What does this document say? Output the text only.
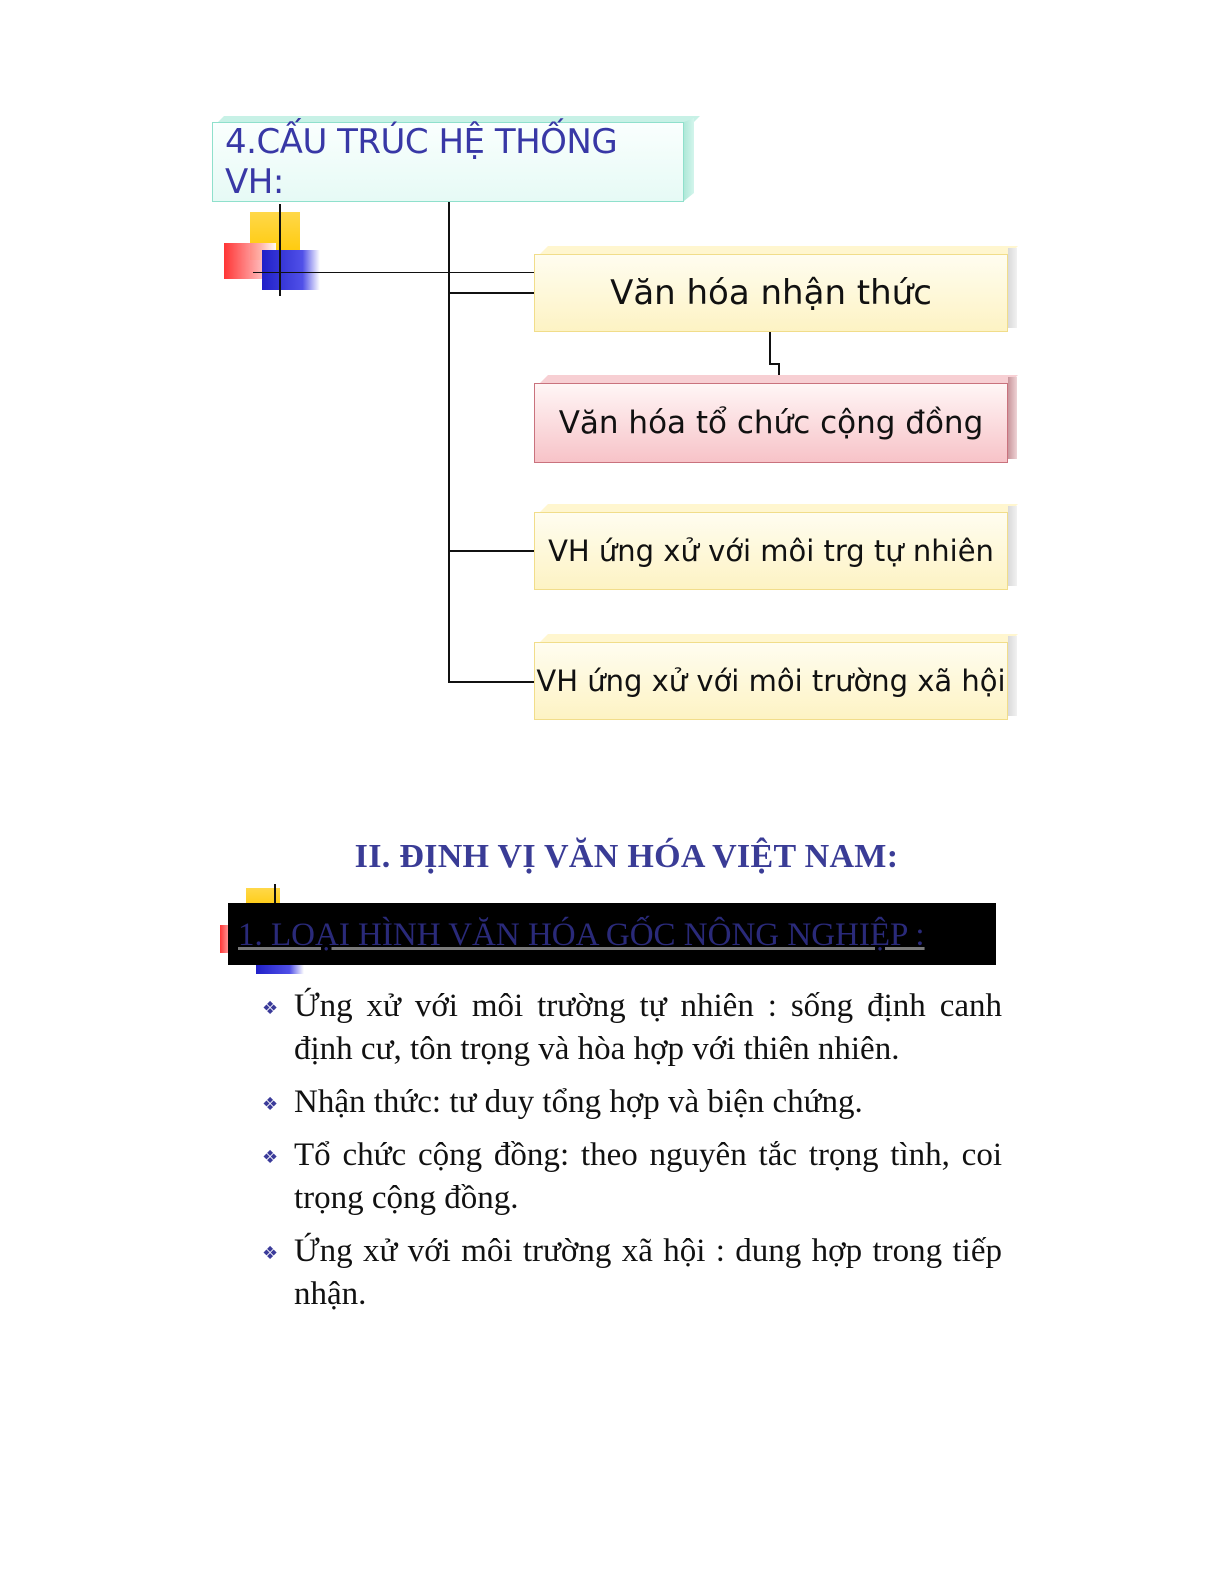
4.CẤU TRÚC HỆ THỐNG VH:
Văn hóa nhận thức
Văn hóa tổ chức cộng đồng
VH ứng xử với môi trg tự nhiên
VH ứng xử với môi trường xã hội
II. ĐỊNH VỊ VĂN HÓA VIỆT NAM:
1. LOẠI HÌNH VĂN HÓA GỐC NÔNG NGHIỆP :
❖ Ứng xử với môi trường tự nhiên : sống định canh định cư, tôn trọng và hòa hợp với thiên nhiên.
❖ Nhận thức: tư duy tổng hợp và biện chứng.
❖ Tổ chức cộng đồng: theo nguyên tắc trọng tình, coi trọng cộng đồng.
❖ Ứng xử với môi trường xã hội : dung hợp trong tiếp nhận.
